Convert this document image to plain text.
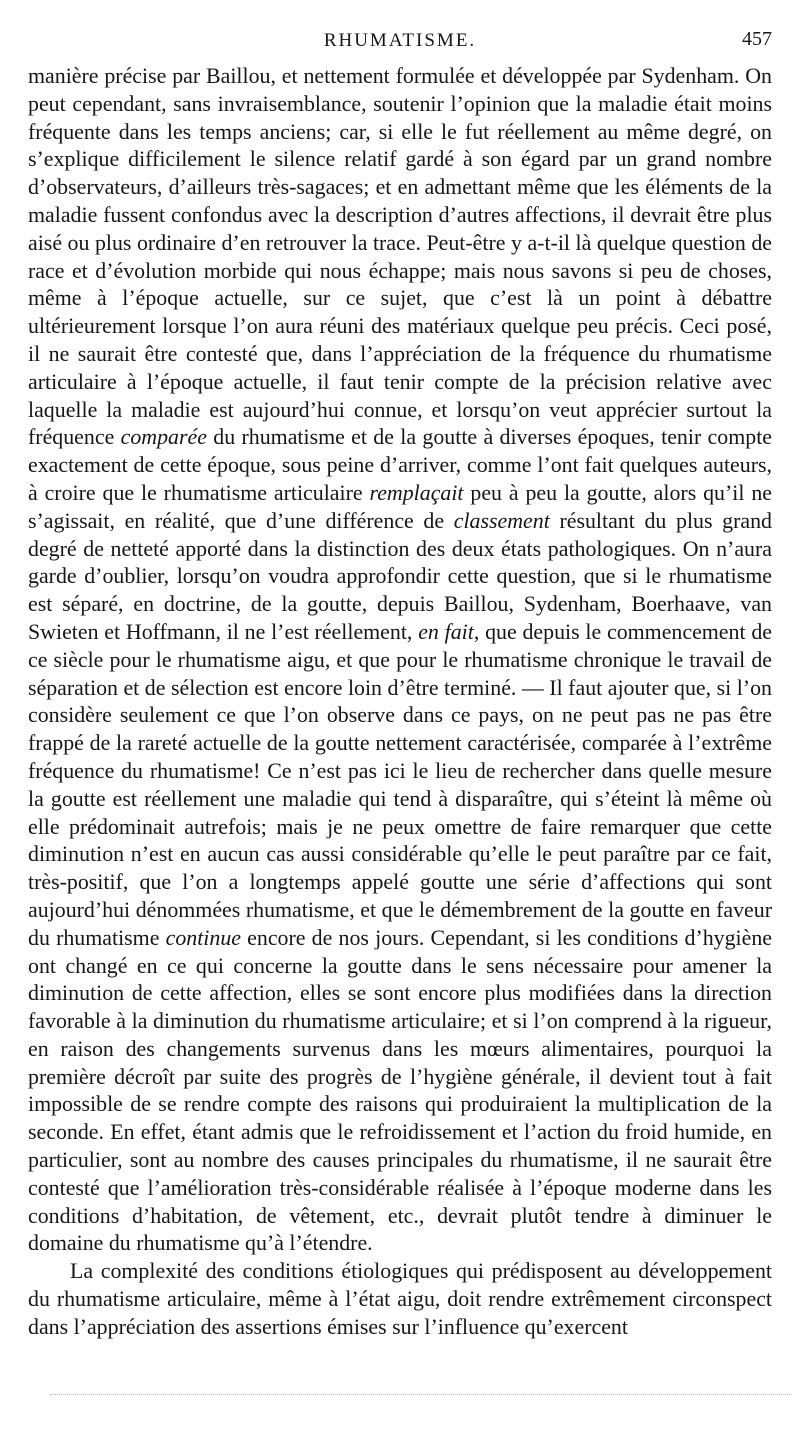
RHUMATISME.	457

manière précise par Baillou, et nettement formulée et développée par Sydenham. On peut cependant, sans invraisemblance, soutenir l’opinion que la maladie était moins fréquente dans les temps anciens; car, si elle le fut réellement au même degré, on s’explique difficilement le silence relatif gardé à son égard par un grand nombre d’observateurs, d’ailleurs très-sagaces; et en admettant même que les éléments de la maladie fussent confondus avec la description d’autres affections, il devrait être plus aisé ou plus ordinaire d’en retrouver la trace. Peut-être y a-t-il là quelque question de race et d’évolution morbide qui nous échappe; mais nous savons si peu de choses, même à l’époque actuelle, sur ce sujet, que c’est là un point à débattre ultérieurement lorsque l’on aura réuni des matériaux quelque peu précis. Ceci posé, il ne saurait être contesté que, dans l’appréciation de la fréquence du rhumatisme articulaire à l’époque actuelle, il faut tenir compte de la précision relative avec laquelle la maladie est aujourd’hui connue, et lorsqu’on veut apprécier surtout la fréquence comparée du rhumatisme et de la goutte à diverses époques, tenir compte exactement de cette époque, sous peine d’arriver, comme l’ont fait quelques auteurs, à croire que le rhumatisme articulaire remplaçait peu à peu la goutte, alors qu’il ne s’agissait, en réalité, que d’une différence de classement résultant du plus grand degré de netteté apporté dans la distinction des deux états pathologiques. On n’aura garde d’oublier, lorsqu’on voudra approfondir cette question, que si le rhumatisme est séparé, en doctrine, de la goutte, depuis Baillou, Sydenham, Boerhaave, van Swieten et Hoffmann, il ne l’est réellement, en fait, que depuis le commencement de ce siècle pour le rhumatisme aigu, et que pour le rhumatisme chronique le travail de séparation et de sélection est encore loin d’être terminé. — Il faut ajouter que, si l’on considère seulement ce que l’on observe dans ce pays, on ne peut pas ne pas être frappé de la rareté actuelle de la goutte nettement caractérisée, comparée à l’extrême fréquence du rhumatisme! Ce n’est pas ici le lieu de rechercher dans quelle mesure la goutte est réellement une maladie qui tend à disparaître, qui s’éteint là même où elle prédominait autrefois; mais je ne peux omettre de faire remarquer que cette diminution n’est en aucun cas aussi considérable qu’elle le peut paraître par ce fait, très-positif, que l’on a longtemps appelé goutte une série d’affections qui sont aujourd’hui dénommées rhumatisme, et que le démembrement de la goutte en faveur du rhumatisme continue encore de nos jours. Cependant, si les conditions d’hygiène ont changé en ce qui concerne la goutte dans le sens nécessaire pour amener la diminution de cette affection, elles se sont encore plus modifiées dans la direction favorable à la diminution du rhumatisme articulaire; et si l’on comprend à la rigueur, en raison des changements survenus dans les mœurs alimentaires, pourquoi la première décroît par suite des progrès de l’hygiène générale, il devient tout à fait impossible de se rendre compte des raisons qui produiraient la multiplication de la seconde. En effet, étant admis que le refroidissement et l’action du froid humide, en particulier, sont au nombre des causes principales du rhumatisme, il ne saurait être contesté que l’amélioration très-considérable réalisée à l’époque moderne dans les conditions d’habitation, de vêtement, etc., devrait plutôt tendre à diminuer le domaine du rhumatisme qu’à l’étendre.

La complexité des conditions étiologiques qui prédisposent au développement du rhumatisme articulaire, même à l’état aigu, doit rendre extrêmement circonspect dans l’appréciation des assertions émises sur l’influence qu’exercent
